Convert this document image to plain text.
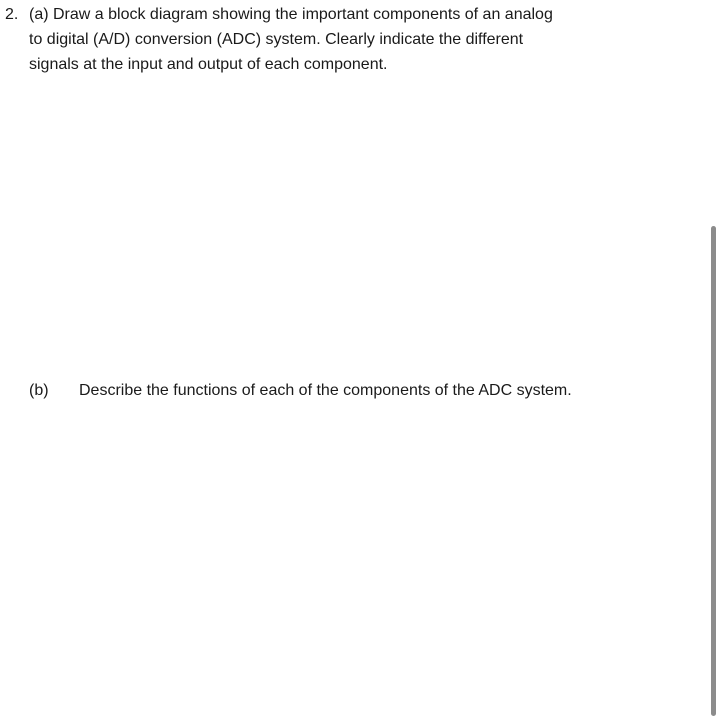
2. (a) Draw a block diagram showing the important components of an analog
to digital (A/D) conversion (ADC) system. Clearly indicate the different
signals at the input and output of each component.
(b) Describe the functions of each of the components of the ADC system.
